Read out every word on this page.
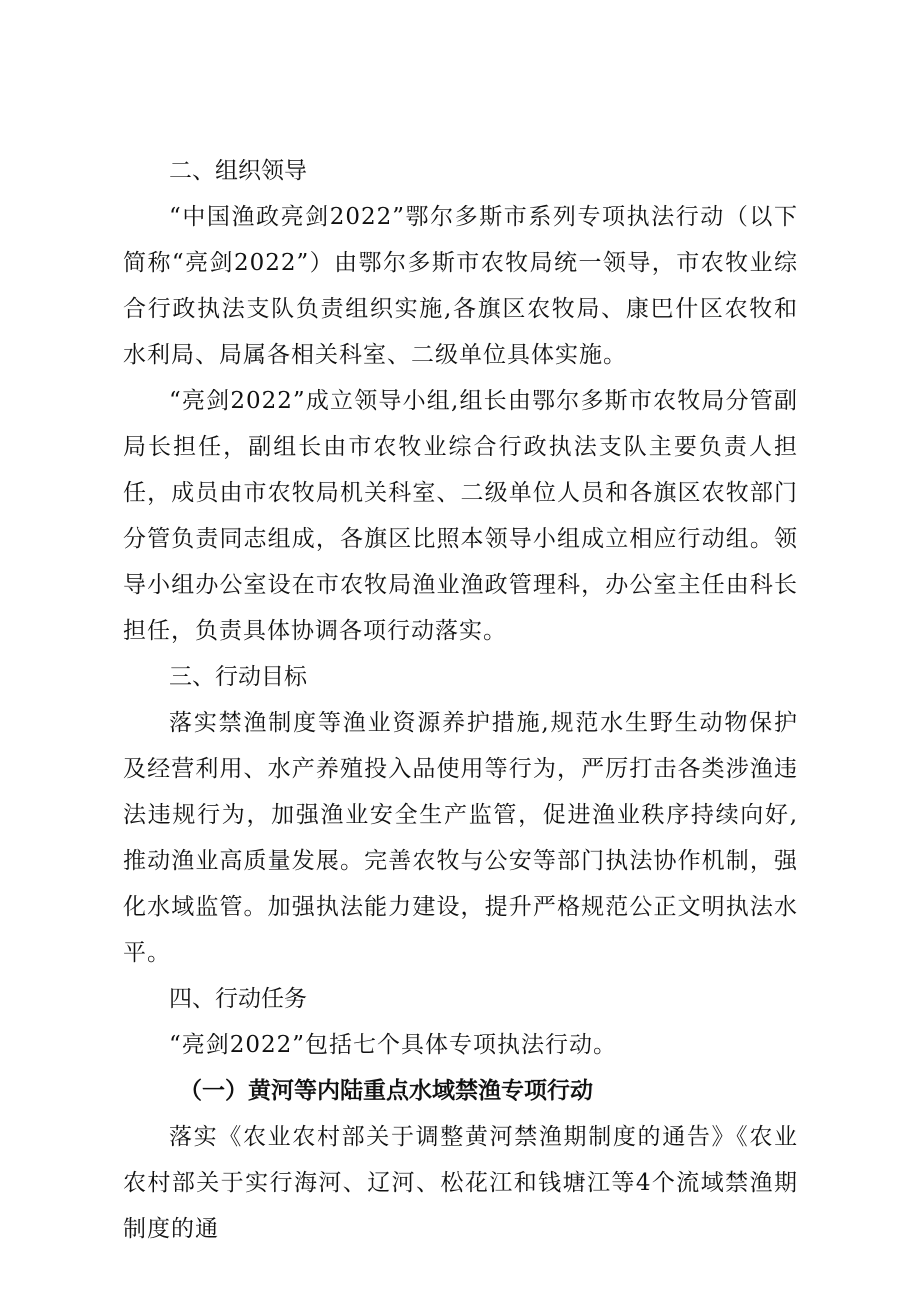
二、组织领导

“中国渔政亮剑2022”鄂尔多斯市系列专项执法行动（以下简称“亮剑2022”）由鄂尔多斯市农牧局统一领导，市农牧业综合行政执法支队负责组织实施,各旗区农牧局、康巴什区农牧和水利局、局属各相关科室、二级单位具体实施。

“亮剑2022”成立领导小组,组长由鄂尔多斯市农牧局分管副局长担任，副组长由市农牧业综合行政执法支队主要负责人担任，成员由市农牧局机关科室、二级单位人员和各旗区农牧部门分管负责同志组成，各旗区比照本领导小组成立相应行动组。领导小组办公室设在市农牧局渔业渔政管理科，办公室主任由科长担任，负责具体协调各项行动落实。

三、行动目标

落实禁渔制度等渔业资源养护措施,规范水生野生动物保护及经营利用、水产养殖投入品使用等行为，严厉打击各类涉渔违法违规行为，加强渔业安全生产监管，促进渔业秩序持续向好,推动渔业高质量发展。完善农牧与公安等部门执法协作机制，强化水域监管。加强执法能力建设，提升严格规范公正文明执法水平。

四、行动任务

“亮剑2022”包括七个具体专项执法行动。

（一）黄河等内陆重点水域禁渔专项行动

落实《农业农村部关于调整黄河禁渔期制度的通告》《农业农村部关于实行海河、辽河、松花江和钱塘江等4个流域禁渔期制度的通
